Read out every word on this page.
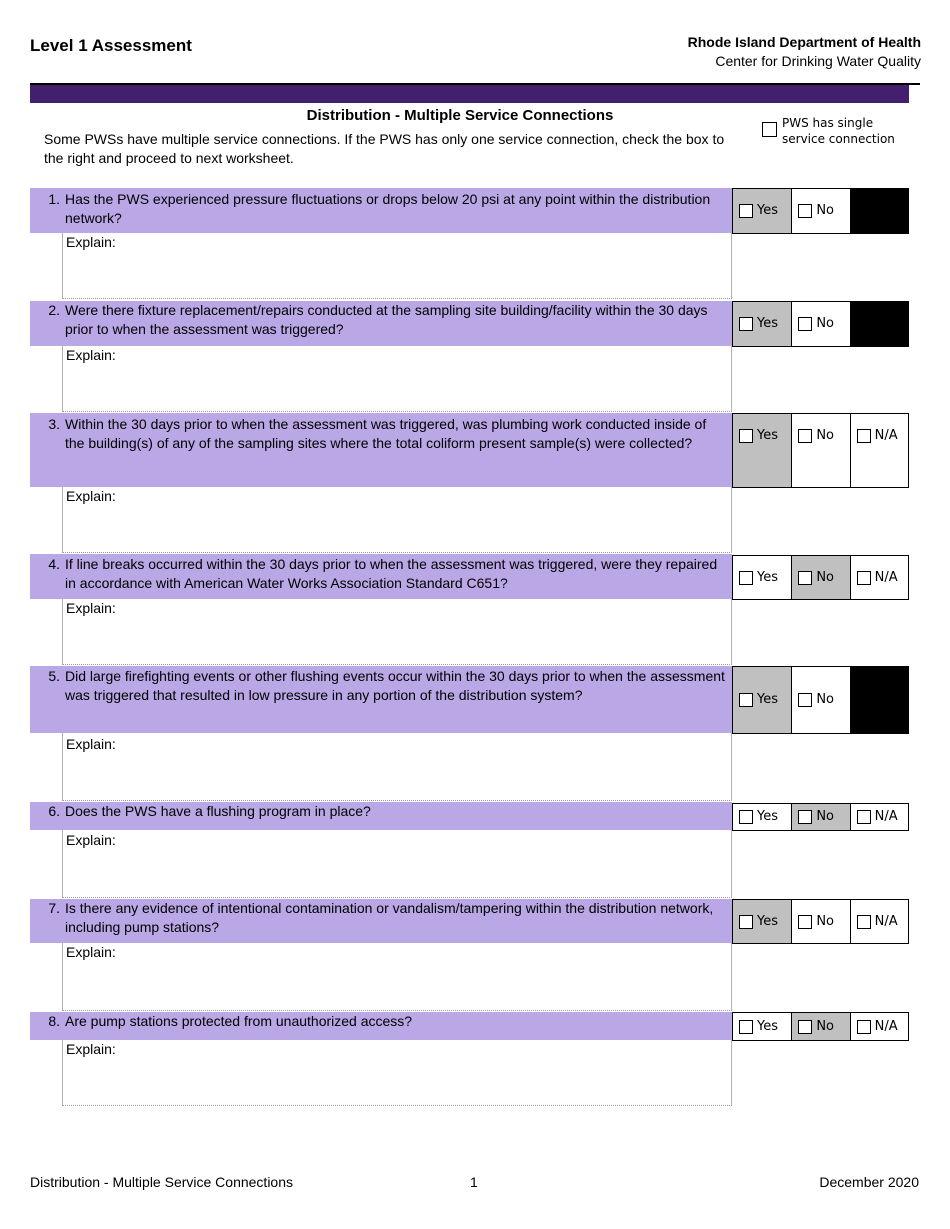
Level 1 Assessment	Rhode Island Department of Health
Center for Drinking Water Quality
Distribution - Multiple Service Connections
Some PWSs have multiple service connections. If the PWS has only one service connection, check the box to the right and proceed to next worksheet.
PWS has single service connection
1. Has the PWS experienced pressure fluctuations or drops below 20 psi at any point within the distribution network?
Explain:
Yes	No
2. Were there fixture replacement/repairs conducted at the sampling site building/facility within the 30 days prior to when the assessment was triggered?
Explain:
Yes	No
3. Within the 30 days prior to when the assessment was triggered, was plumbing work conducted inside of the building(s) of any of the sampling sites where the total coliform present sample(s) were collected?
Explain:
Yes	No	N/A
4. If line breaks occurred within the 30 days prior to when the assessment was triggered, were they repaired in accordance with American Water Works Association Standard C651?
Explain:
Yes	No	N/A
5. Did large firefighting events or other flushing events occur within the 30 days prior to when the assessment was triggered that resulted in low pressure in any portion of the distribution system?
Explain:
Yes	No
6. Does the PWS have a flushing program in place?
Explain:
Yes	No	N/A
7. Is there any evidence of intentional contamination or vandalism/tampering within the distribution network, including pump stations?
Explain:
Yes	No	N/A
8. Are pump stations protected from unauthorized access?
Explain:
Yes	No	N/A
Distribution - Multiple Service Connections	1	December 2020
